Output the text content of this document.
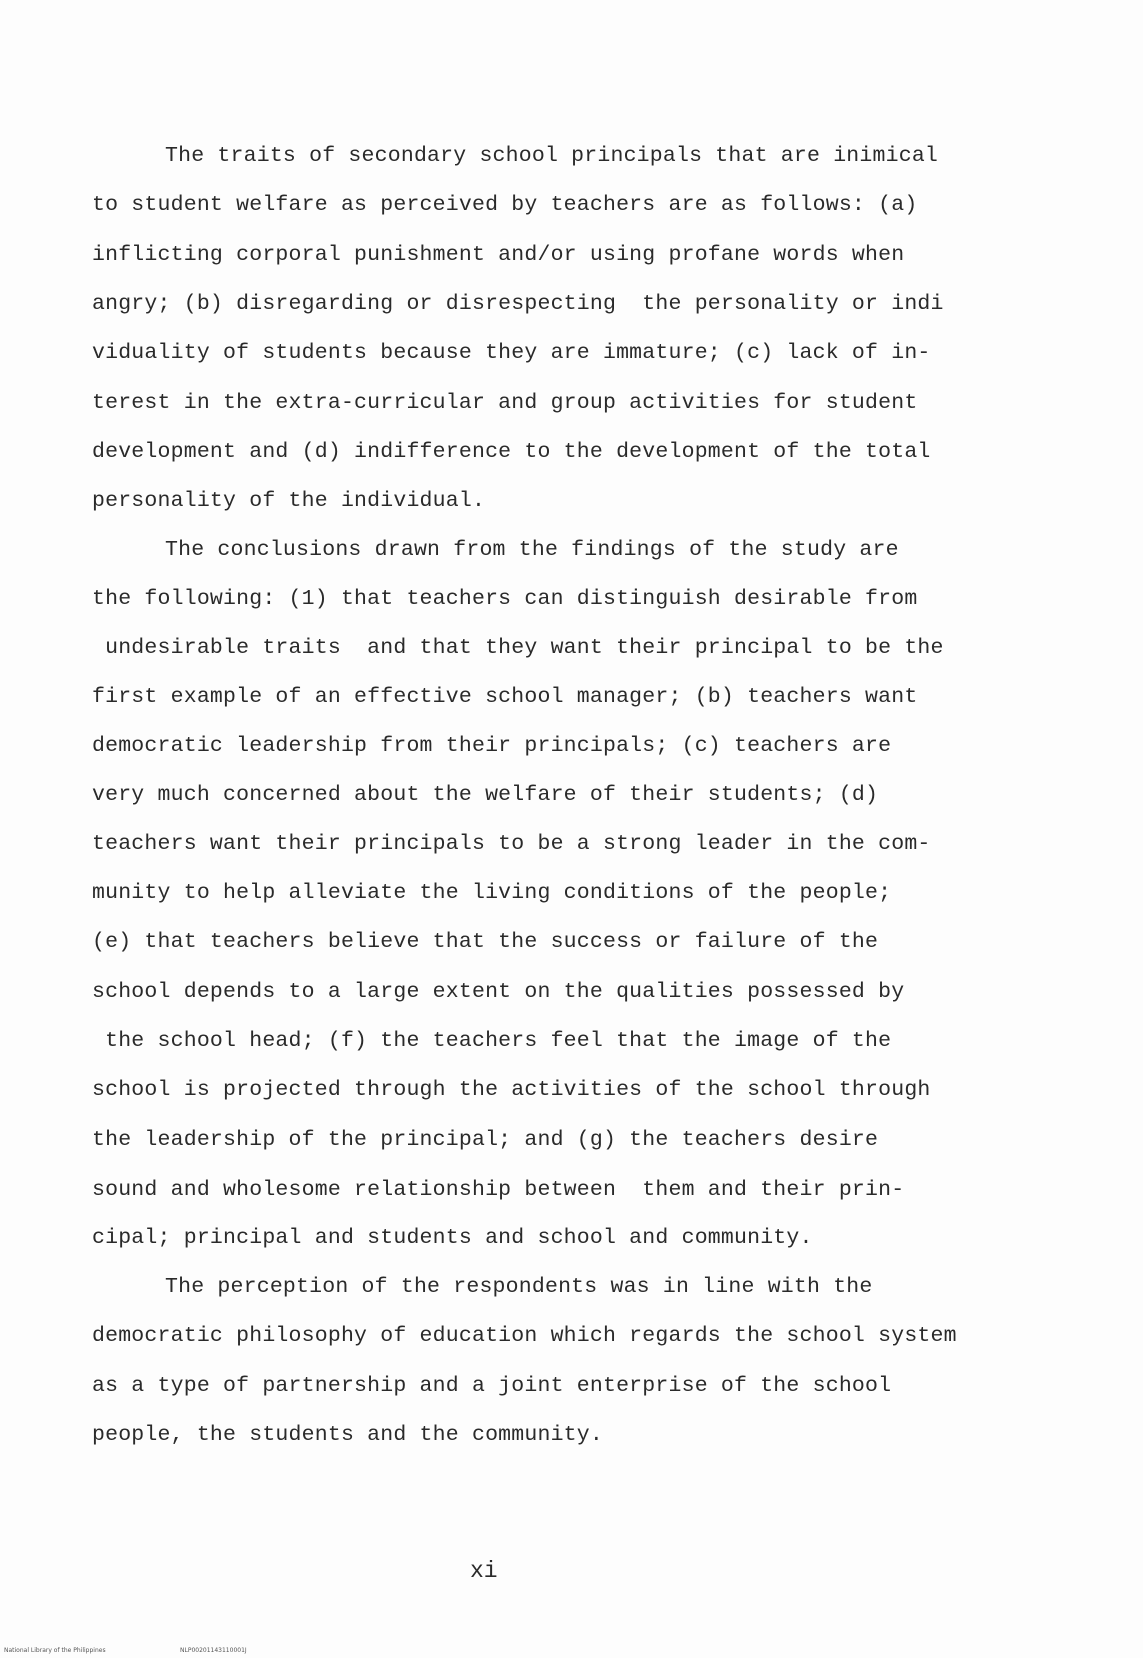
The traits of secondary school principals that are inimical
to student welfare as perceived by teachers are as follows: (a)
inflicting corporal punishment and/or using profane words when
angry; (b) disregarding or disrespecting  the personality or indi
viduality of students because they are immature; (c) lack of in-
terest in the extra-curricular and group activities for student
development and (d) indifference to the development of the total
personality of the individual.
The conclusions drawn from the findings of the study are
the following: (1) that teachers can distinguish desirable from
undesirable traits  and that they want their principal to be the
first example of an effective school manager; (b) teachers want
democratic leadership from their principals; (c) teachers are
very much concerned about the welfare of their students; (d)
teachers want their principals to be a strong leader in the com-
munity to help alleviate the living conditions of the people;
(e) that teachers believe that the success or failure of the
school depends to a large extent on the qualities possessed by
the school head; (f) the teachers feel that the image of the
school is projected through the activities of the school through
the leadership of the principal; and (g) the teachers desire
sound and wholesome relationship between  them and their prin-
cipal; principal and students and school and community.
The perception of the respondents was in line with the
democratic philosophy of education which regards the school system
as a type of partnership and a joint enterprise of the school
people, the students and the community.
xi
National Library of the Philippines	NLP00201143110001J
